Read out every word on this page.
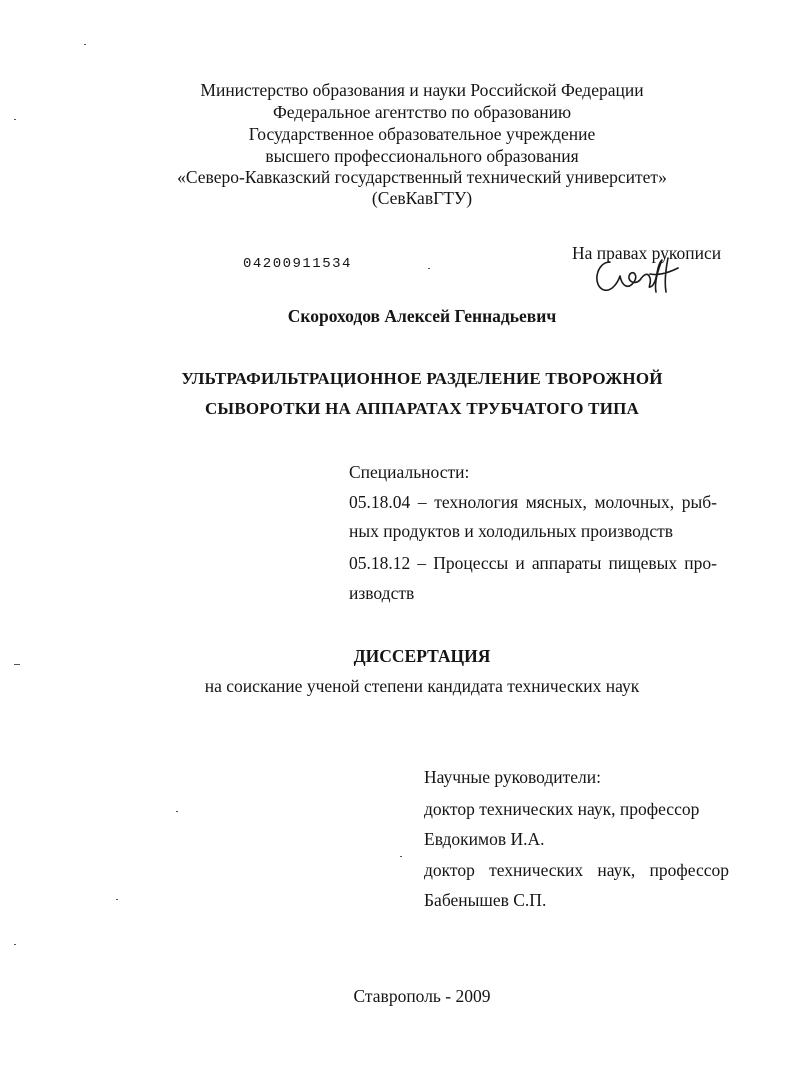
Министерство образования и науки Российской Федерации
Федеральное агентство по образованию
Государственное образовательное учреждение
высшего профессионального образования
«Северо-Кавказский государственный технический университет»
(СевКавГТУ)
04200911534
На правах рукописи
Скороходов Алексей Геннадьевич
УЛЬТРАФИЛЬТРАЦИОННОЕ РАЗДЕЛЕНИЕ ТВОРОЖНОЙ
СЫВОРОТКИ НА АППАРАТАХ ТРУБЧАТОГО ТИПА
Специальности:
05.18.04 – технология мясных, молочных, рыб-
ных продуктов и холодильных производств
05.18.12 – Процессы и аппараты пищевых про-
изводств
ДИССЕРТАЦИЯ
на соискание ученой степени кандидата технических наук
Научные руководители:
доктор технических наук, профессор
Евдокимов И.А.
доктор технических наук, профессор
Бабенышев С.П.
Ставрополь - 2009
